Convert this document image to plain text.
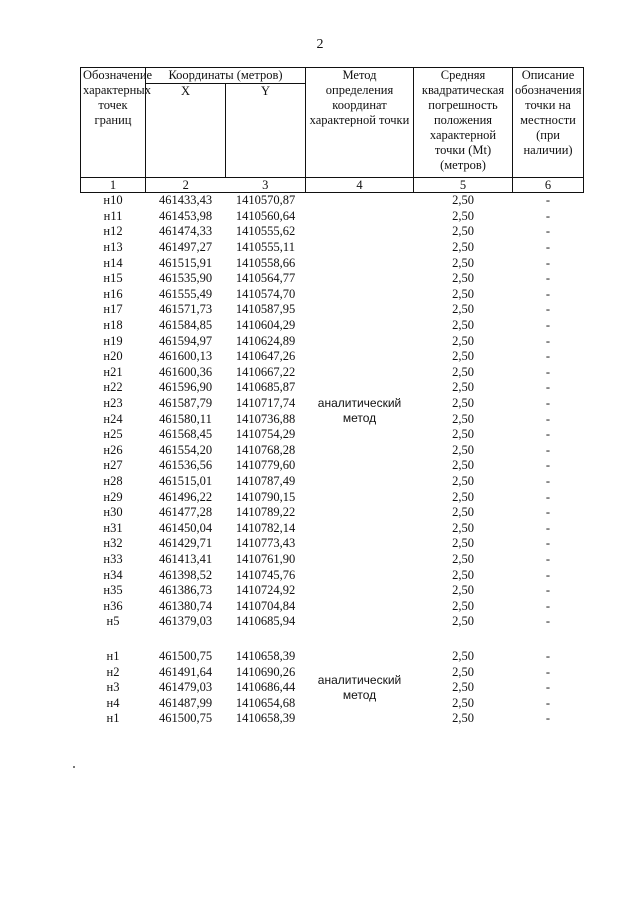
2
Обозначение характерных точек границ	Координаты (метров)		Метод определения координат характерной точки	Средняя квадратическая погрешность положения характерной точки (Mt) (метров)	Описание обозначения точки на местности (при наличии)
	X	Y			
1	2	3	4	5	6
н10	461433,43	1410570,87	аналитический метод	2,50	-
н11	461453,98	1410560,64		2,50	-
н12	461474,33	1410555,62		2,50	-
н13	461497,27	1410555,11		2,50	-
н14	461515,91	1410558,66		2,50	-
н15	461535,90	1410564,77		2,50	-
н16	461555,49	1410574,70		2,50	-
н17	461571,73	1410587,95		2,50	-
н18	461584,85	1410604,29		2,50	-
н19	461594,97	1410624,89		2,50	-
н20	461600,13	1410647,26		2,50	-
н21	461600,36	1410667,22		2,50	-
н22	461596,90	1410685,87		2,50	-
н23	461587,79	1410717,74		2,50	-
н24	461580,11	1410736,88		2,50	-
н25	461568,45	1410754,29		2,50	-
н26	461554,20	1410768,28		2,50	-
н27	461536,56	1410779,60		2,50	-
н28	461515,01	1410787,49		2,50	-
н29	461496,22	1410790,15		2,50	-
н30	461477,28	1410789,22		2,50	-
н31	461450,04	1410782,14		2,50	-
н32	461429,71	1410773,43		2,50	-
н33	461413,41	1410761,90		2,50	-
н34	461398,52	1410745,76		2,50	-
н35	461386,73	1410724,92		2,50	-
н36	461380,74	1410704,84		2,50	-
н5	461379,03	1410685,94		2,50	-

н1	461500,75	1410658,39	аналитический метод	2,50	-
н2	461491,64	1410690,26		2,50	-
н3	461479,03	1410686,44		2,50	-
н4	461487,99	1410654,68		2,50	-
н1	461500,75	1410658,39		2,50	-
